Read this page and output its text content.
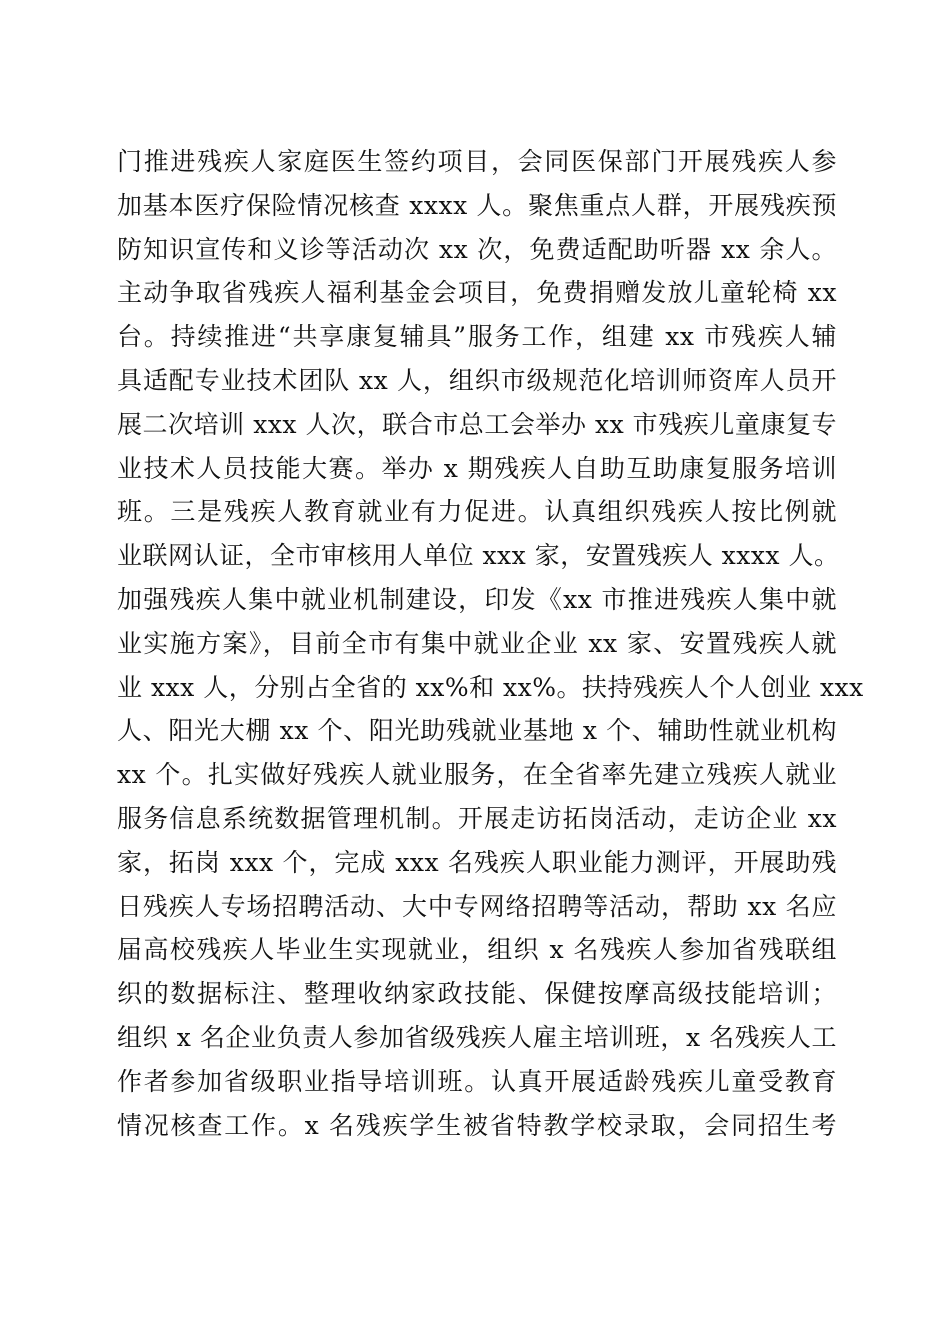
门推进残疾人家庭医生签约项目，会同医保部门开展残疾人参
加基本医疗保险情况核查 xxxx 人。聚焦重点人群，开展残疾预
防知识宣传和义诊等活动次 xx 次，免费适配助听器 xx 余人。
主动争取省残疾人福利基金会项目，免费捐赠发放儿童轮椅 xx
台。持续推进“共享康复辅具”服务工作，组建 xx 市残疾人辅
具适配专业技术团队 xx 人，组织市级规范化培训师资库人员开
展二次培训 xxx 人次，联合市总工会举办 xx 市残疾儿童康复专
业技术人员技能大赛。举办 x 期残疾人自助互助康复服务培训
班。三是残疾人教育就业有力促进。认真组织残疾人按比例就
业联网认证，全市审核用人单位 xxx 家，安置残疾人 xxxx 人。
加强残疾人集中就业机制建设，印发《xx 市推进残疾人集中就
业实施方案》，目前全市有集中就业企业 xx 家、安置残疾人就
业 xxx 人，分别占全省的 xx%和 xx%。扶持残疾人个人创业 xxx
人、阳光大棚 xx 个、阳光助残就业基地 x 个、辅助性就业机构
xx 个。扎实做好残疾人就业服务，在全省率先建立残疾人就业
服务信息系统数据管理机制。开展走访拓岗活动，走访企业 xx
家，拓岗 xxx 个，完成 xxx 名残疾人职业能力测评，开展助残
日残疾人专场招聘活动、大中专网络招聘等活动，帮助 xx 名应
届高校残疾人毕业生实现就业，组织 x 名残疾人参加省残联组
织的数据标注、整理收纳家政技能、保健按摩高级技能培训；
组织 x 名企业负责人参加省级残疾人雇主培训班，x 名残疾人工
作者参加省级职业指导培训班。认真开展适龄残疾儿童受教育
情况核查工作。x 名残疾学生被省特教学校录取，会同招生考
